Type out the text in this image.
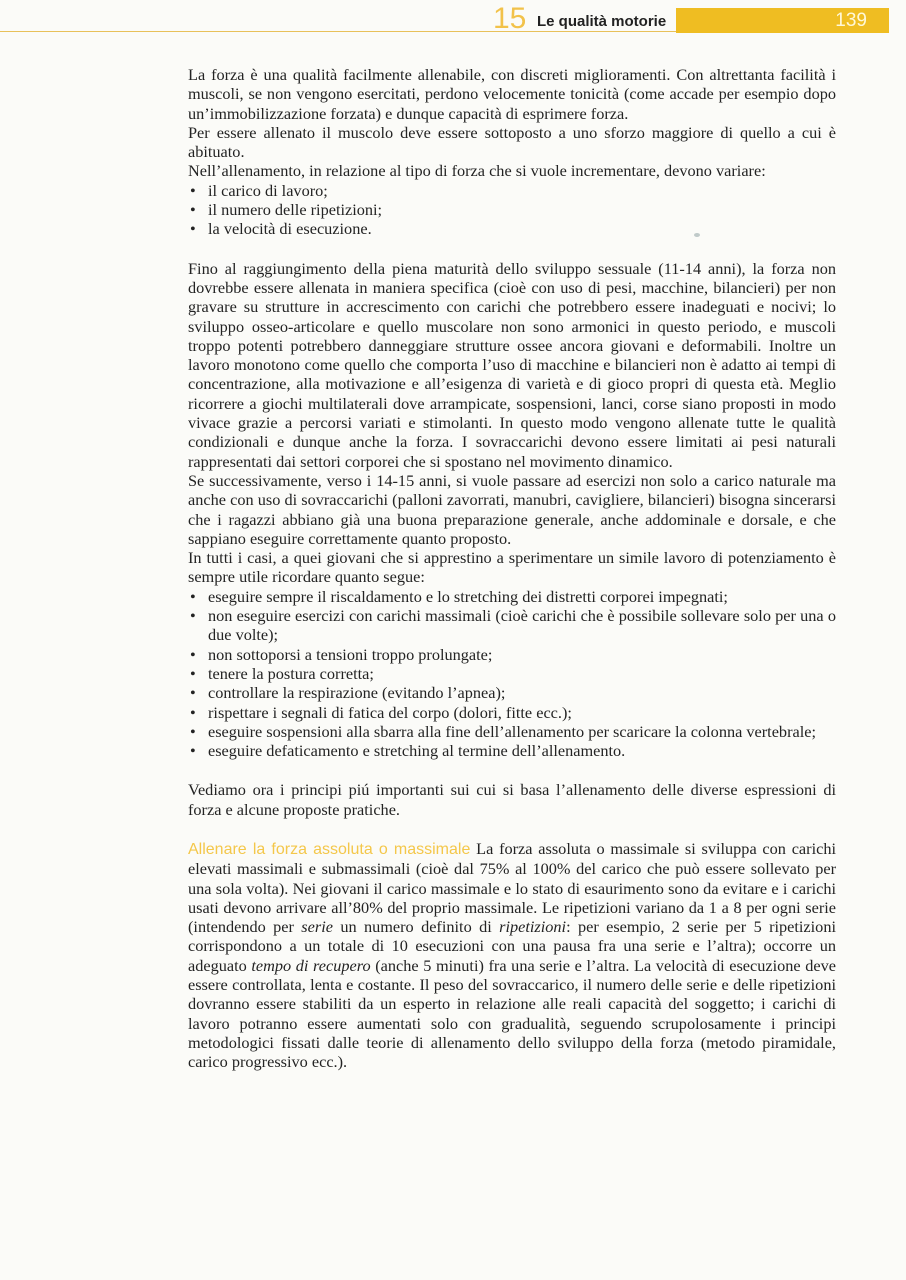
15 Le qualità motorie	139

La forza è una qualità facilmente allenabile, con discreti miglioramenti. Con altrettanta facilità i muscoli, se non vengono esercitati, perdono velocemente tonicità (come accade per esempio dopo un’immobilizzazione forzata) e dunque capacità di esprimere forza.

Per essere allenato il muscolo deve essere sottoposto a uno sforzo maggiore di quello a cui è abituato.

Nell’allenamento, in relazione al tipo di forza che si vuole incrementare, devono variare:

• il carico di lavoro;
• il numero delle ripetizioni;
• la velocità di esecuzione.

Fino al raggiungimento della piena maturità dello sviluppo sessuale (11-14 anni), la forza non dovrebbe essere allenata in maniera specifica (cioè con uso di pesi, macchine, bilancieri) per non gravare su strutture in accrescimento con carichi che potrebbero essere inadeguati e nocivi; lo sviluppo osseo-articolare e quello muscolare non sono armonici in questo periodo, e muscoli troppo potenti potrebbero danneggiare strutture ossee ancora giovani e deformabili. Inoltre un lavoro monotono come quello che comporta l’uso di macchine e bilancieri non è adatto ai tempi di concentrazione, alla motivazione e all’esigenza di varietà e di gioco propri di questa età. Meglio ricorrere a giochi multilaterali dove arrampicate, sospensioni, lanci, corse siano proposti in modo vivace grazie a percorsi variati e stimolanti. In questo modo vengono allenate tutte le qualità condizionali e dunque anche la forza. I sovraccarichi devono essere limitati ai pesi naturali rappresentati dai settori corporei che si spostano nel movimento dinamico.

Se successivamente, verso i 14-15 anni, si vuole passare ad esercizi non solo a carico naturale ma anche con uso di sovraccarichi (palloni zavorrati, manubri, cavigliere, bilancieri) bisogna sincerarsi che i ragazzi abbiano già una buona preparazione generale, anche addominale e dorsale, e che sappiano eseguire correttamente quanto proposto.

In tutti i casi, a quei giovani che si apprestino a sperimentare un simile lavoro di potenziamento è sempre utile ricordare quanto segue:

• eseguire sempre il riscaldamento e lo stretching dei distretti corporei impegnati;
• non eseguire esercizi con carichi massimali (cioè carichi che è possibile sollevare solo per una o due volte);
• non sottoporsi a tensioni troppo prolungate;
• tenere la postura corretta;
• controllare la respirazione (evitando l’apnea);
• rispettare i segnali di fatica del corpo (dolori, fitte ecc.);
• eseguire sospensioni alla sbarra alla fine dell’allenamento per scaricare la colonna vertebrale;
• eseguire defaticamento e stretching al termine dell’allenamento.

Vediamo ora i principi piú importanti sui cui si basa l’allenamento delle diverse espressioni di forza e alcune proposte pratiche.

Allenare la forza assoluta o massimale La forza assoluta o massimale si sviluppa con carichi elevati massimali e submassimali (cioè dal 75% al 100% del carico che può essere sollevato per una sola volta). Nei giovani il carico massimale e lo stato di esaurimento sono da evitare e i carichi usati devono arrivare all’80% del proprio massimale. Le ripetizioni variano da 1 a 8 per ogni serie (intendendo per serie un numero definito di ripetizioni: per esempio, 2 serie per 5 ripetizioni corrispondono a un totale di 10 esecuzioni con una pausa fra una serie e l’altra); occorre un adeguato tempo di recupero (anche 5 minuti) fra una serie e l’altra. La velocità di esecuzione deve essere controllata, lenta e costante. Il peso del sovraccarico, il numero delle serie e delle ripetizioni dovranno essere stabiliti da un esperto in relazione alle reali capacità del soggetto; i carichi di lavoro potranno essere aumentati solo con gradualità, seguendo scrupolosamente i principi metodologici fissati dalle teorie di allenamento dello sviluppo della forza (metodo piramidale, carico progressivo ecc.).
